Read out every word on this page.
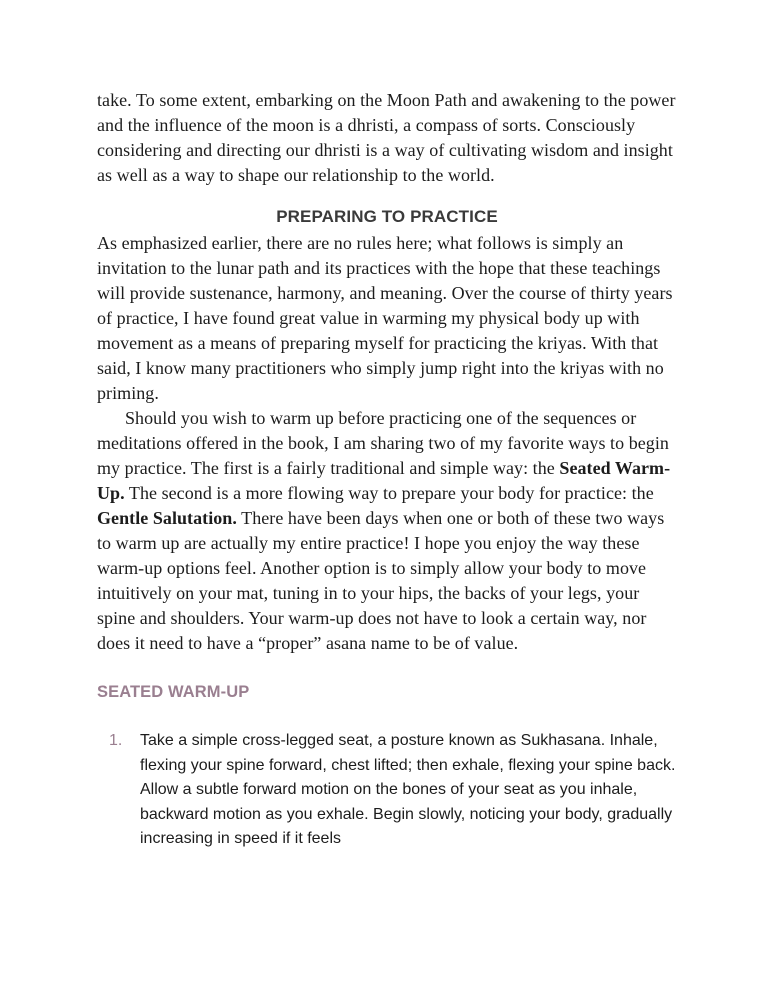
take. To some extent, embarking on the Moon Path and awakening to the power and the influence of the moon is a dhristi, a compass of sorts. Consciously considering and directing our dhristi is a way of cultivating wisdom and insight as well as a way to shape our relationship to the world.

PREPARING TO PRACTICE

As emphasized earlier, there are no rules here; what follows is simply an invitation to the lunar path and its practices with the hope that these teachings will provide sustenance, harmony, and meaning. Over the course of thirty years of practice, I have found great value in warming my physical body up with movement as a means of preparing myself for practicing the kriyas. With that said, I know many practitioners who simply jump right into the kriyas with no priming.

Should you wish to warm up before practicing one of the sequences or meditations offered in the book, I am sharing two of my favorite ways to begin my practice. The first is a fairly traditional and simple way: the Seated Warm-Up. The second is a more flowing way to prepare your body for practice: the Gentle Salutation. There have been days when one or both of these two ways to warm up are actually my entire practice! I hope you enjoy the way these warm-up options feel. Another option is to simply allow your body to move intuitively on your mat, tuning in to your hips, the backs of your legs, your spine and shoulders. Your warm-up does not have to look a certain way, nor does it need to have a “proper” asana name to be of value.

SEATED WARM-UP
1.	Take a simple cross-legged seat, a posture known as Sukhasana. Inhale, flexing your spine forward, chest lifted; then exhale, flexing your spine back. Allow a subtle forward motion on the bones of your seat as you inhale, backward motion as you exhale. Begin slowly, noticing your body, gradually increasing in speed if it feels
